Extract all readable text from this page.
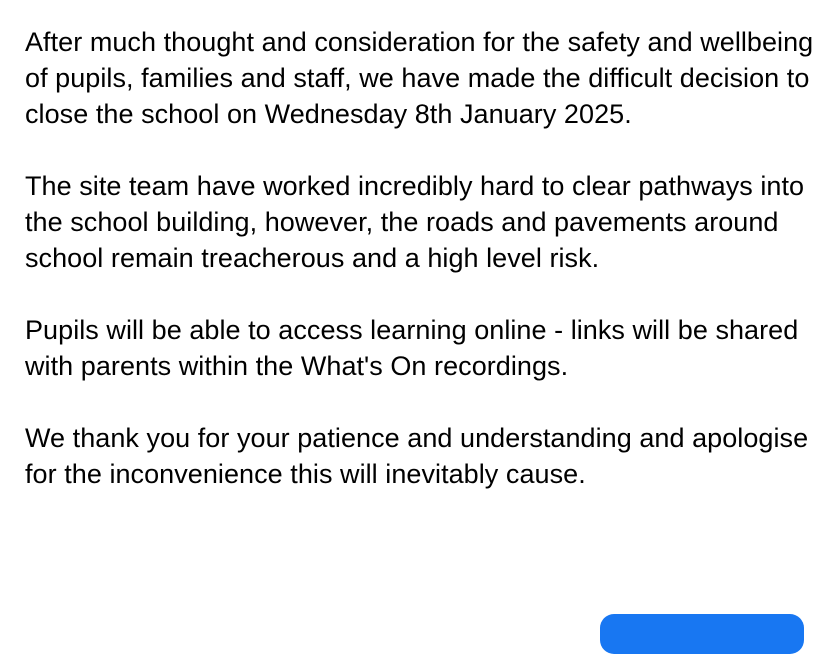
After much thought and consideration for the safety and wellbeing of pupils, families and staff, we have made the difficult decision to close the school on Wednesday 8th January 2025.

The site team have worked incredibly hard to clear pathways into the school building, however, the roads and pavements around school remain treacherous and a high level risk.

Pupils will be able to access learning online - links will be shared with parents within the What's On recordings.

We thank you for your patience and understanding and apologise for the inconvenience this will inevitably cause.
